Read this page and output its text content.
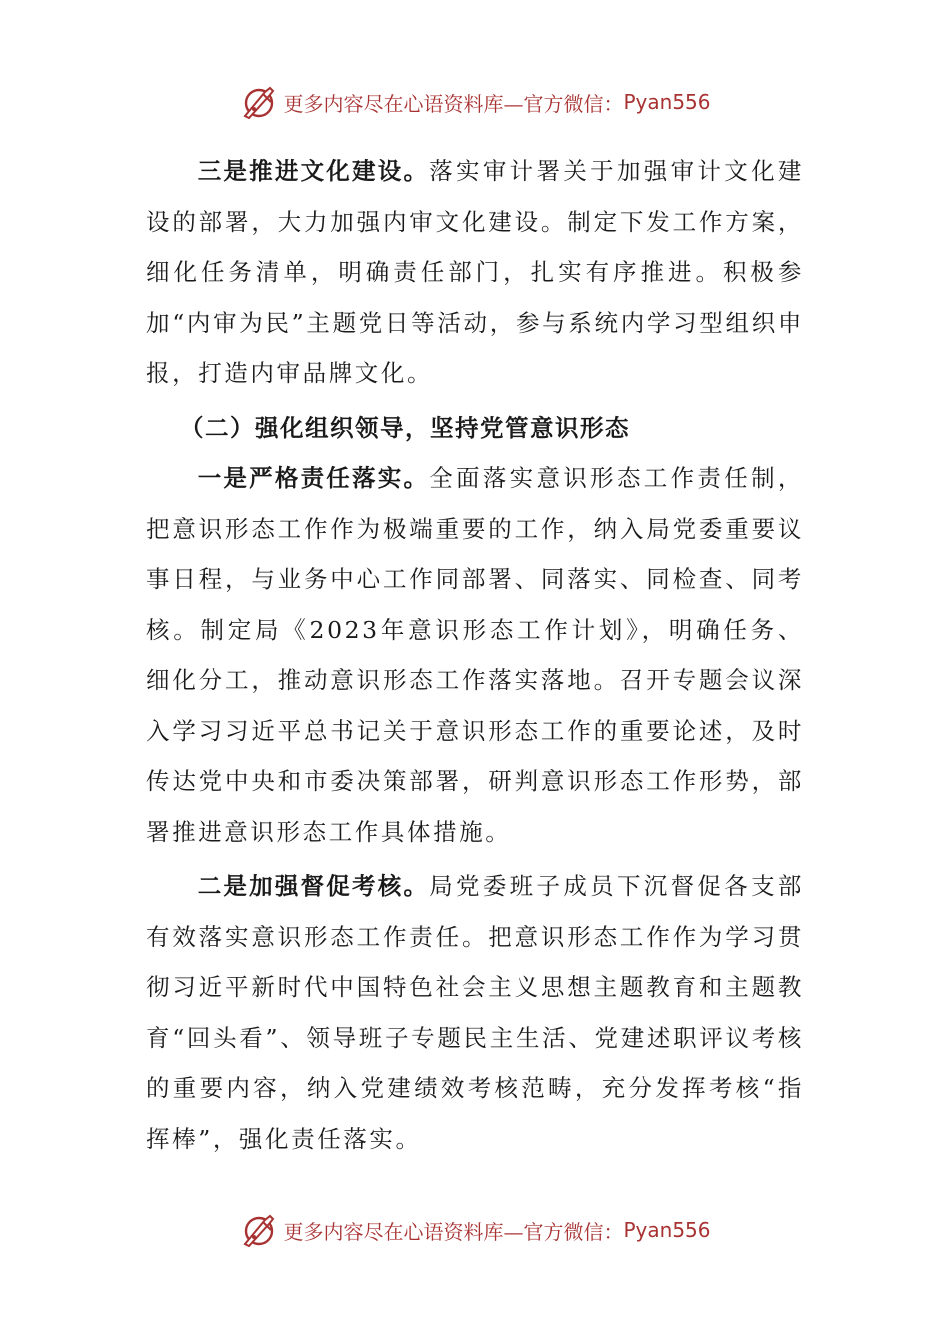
更多内容尽在心语资料库—官方微信： Pyan556

三是推进文化建设。落实审计署关于加强审计文化建设的部署，大力加强内审文化建设。制定下发工作方案，细化任务清单，明确责任部门，扎实有序推进。积极参加“内审为民”主题党日等活动，参与系统内学习型组织申报，打造内审品牌文化。

（二）强化组织领导，坚持党管意识形态

一是严格责任落实。全面落实意识形态工作责任制，把意识形态工作作为极端重要的工作，纳入局党委重要议事日程，与业务中心工作同部署、同落实、同检查、同考核。制定局《2023年意识形态工作计划》，明确任务、细化分工，推动意识形态工作落实落地。召开专题会议深入学习习近平总书记关于意识形态工作的重要论述，及时传达党中央和市委决策部署，研判意识形态工作形势，部署推进意识形态工作具体措施。

二是加强督促考核。局党委班子成员下沉督促各支部有效落实意识形态工作责任。把意识形态工作作为学习贯彻习近平新时代中国特色社会主义思想主题教育和主题教育“回头看”、领导班子专题民主生活、党建述职评议考核的重要内容，纳入党建绩效考核范畴，充分发挥考核“指挥棒”，强化责任落实。

更多内容尽在心语资料库—官方微信： Pyan556
